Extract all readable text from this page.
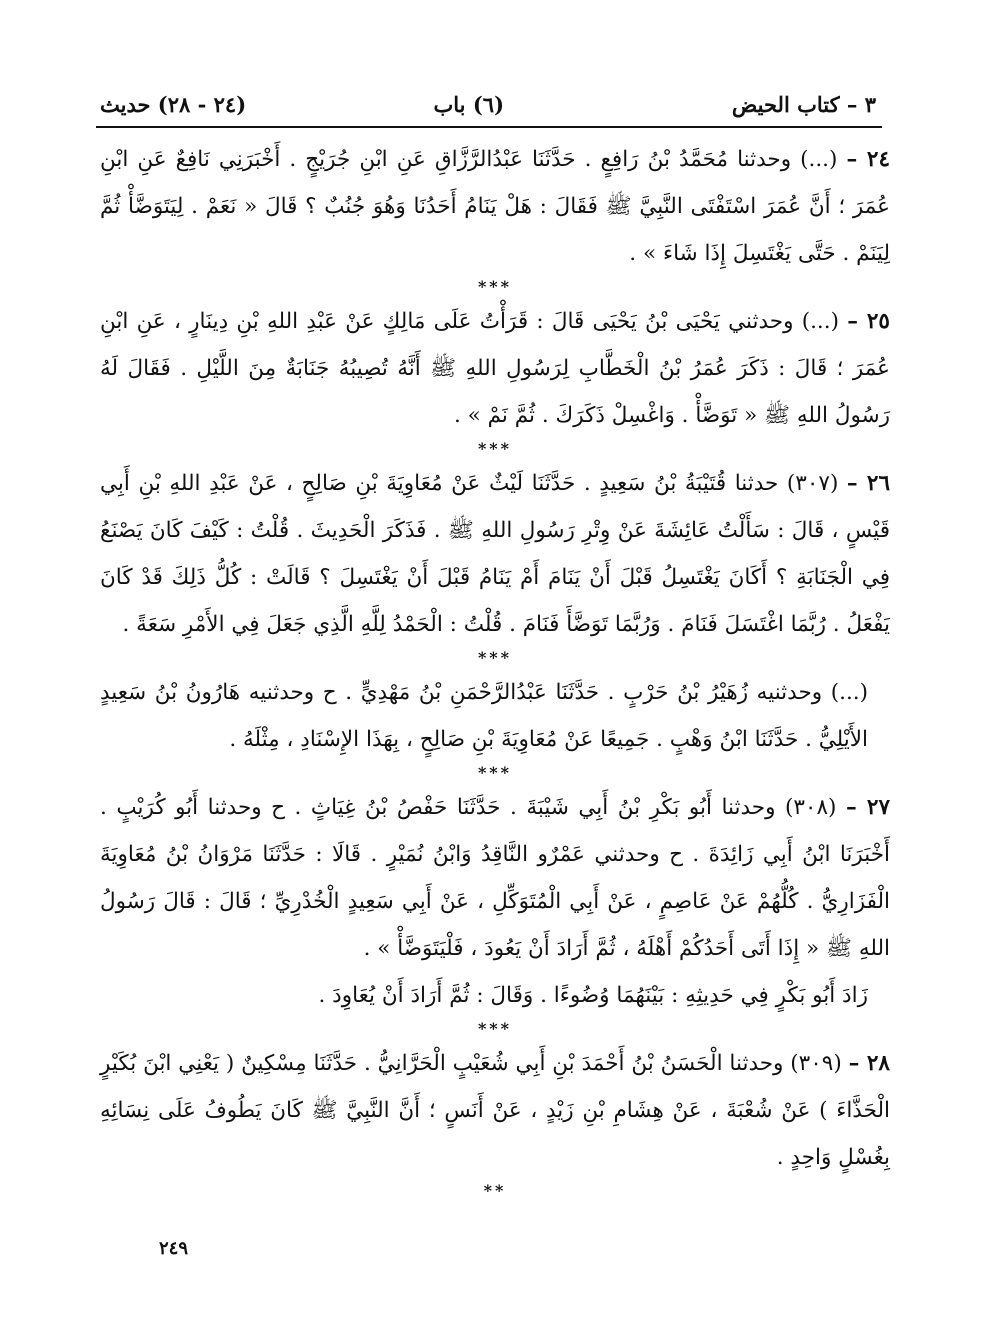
٣ – كتاب الحيض
(٦) باب
(٢٤ - ٢٨) حديث

٢٤ – (...) وحدثنا مُحَمَّدُ بْنُ رَافِعٍ . حَدَّثَنَا عَبْدُالرَّزَّاقِ عَنِ ابْنِ جُرَيْجٍ . أَخْبَرَنِي نَافِعٌ عَنِ ابْنِ عُمَرَ ؛ أَنَّ عُمَرَ اسْتَفْتَى النَّبِيَّ ﷺ فَقَالَ : هَلْ يَنَامُ أَحَدُنَا وَهُوَ جُنُبٌ ؟ قَالَ « نَعَمْ . لِيَتَوَضَّأْ ثُمَّ لِيَنَمْ . حَتَّى يَغْتَسِلَ إِذَا شَاءَ » .

***

٢٥ – (...) وحدثني يَحْيَى بْنُ يَحْيَى قَالَ : قَرَأْتُ عَلَى مَالِكٍ عَنْ عَبْدِ اللهِ بْنِ دِينَارٍ ، عَنِ ابْنِ عُمَرَ ؛ قَالَ : ذَكَرَ عُمَرُ بْنُ الْخَطَّابِ لِرَسُولِ اللهِ ﷺ أَنَّهُ تُصِيبُهُ جَنَابَةٌ مِنَ اللَّيْلِ . فَقَالَ لَهُ رَسُولُ اللهِ ﷺ « تَوَضَّأْ . وَاغْسِلْ ذَكَرَكَ . ثُمَّ نَمْ » .

***

٢٦ – (٣٠٧) حدثنا قُتَيْبَةُ بْنُ سَعِيدٍ . حَدَّثَنَا لَيْثٌ عَنْ مُعَاوِيَةَ بْنِ صَالِحٍ ، عَنْ عَبْدِ اللهِ بْنِ أَبِي قَيْسٍ ، قَالَ : سَأَلْتُ عَائِشَةَ عَنْ وِتْرِ رَسُولِ اللهِ ﷺ . فَذَكَرَ الْحَدِيثَ . قُلْتُ : كَيْفَ كَانَ يَصْنَعُ فِي الْجَنَابَةِ ؟ أَكَانَ يَغْتَسِلُ قَبْلَ أَنْ يَنَامَ أَمْ يَنَامُ قَبْلَ أَنْ يَغْتَسِلَ ؟ قَالَتْ : كُلُّ ذَلِكَ قَدْ كَانَ يَفْعَلُ . رُبَّمَا اغْتَسَلَ فَنَامَ . وَرُبَّمَا تَوَضَّأَ فَنَامَ . قُلْتُ : الْحَمْدُ لِلَّهِ الَّذِي جَعَلَ فِي الأَمْرِ سَعَةً .

***

(...) وحدثنيه زُهَيْرُ بْنُ حَرْبٍ . حَدَّثَنَا عَبْدُالرَّحْمَنِ بْنُ مَهْدِيٍّ . ح وحدثنيه هَارُونُ بْنُ سَعِيدٍ الأَيْلِيُّ . حَدَّثَنَا ابْنُ وَهْبٍ . جَمِيعًا عَنْ مُعَاوِيَةَ بْنِ صَالِحٍ ، بِهَذَا الإِسْنَادِ ، مِثْلَهُ .

***

٢٧ – (٣٠٨) وحدثنا أَبُو بَكْرِ بْنُ أَبِي شَيْبَةَ . حَدَّثَنَا حَفْصُ بْنُ غِيَاثٍ . ح وحدثنا أَبُو كُرَيْبٍ . أَخْبَرَنَا ابْنُ أَبِي زَائِدَةَ . ح وحدثني عَمْرٌو النَّاقِدُ وَابْنُ نُمَيْرٍ . قَالَا : حَدَّثَنَا مَرْوَانُ بْنُ مُعَاوِيَةَ الْفَزَارِيُّ . كُلُّهُمْ عَنْ عَاصِمٍ ، عَنْ أَبِي الْمُتَوَكِّلِ ، عَنْ أَبِي سَعِيدٍ الْخُدْرِيِّ ؛ قَالَ : قَالَ رَسُولُ اللهِ ﷺ « إِذَا أَتَى أَحَدُكُمْ أَهْلَهُ ، ثُمَّ أَرَادَ أَنْ يَعُودَ ، فَلْيَتَوَضَّأْ » .

زَادَ أَبُو بَكْرٍ فِي حَدِيثِهِ : بَيْنَهُمَا وُضُوءًا . وَقَالَ : ثُمَّ أَرَادَ أَنْ يُعَاوِدَ .

***

٢٨ – (٣٠٩) وحدثنا الْحَسَنُ بْنُ أَحْمَدَ بْنِ أَبِي شُعَيْبٍ الْحَرَّانِيُّ . حَدَّثَنَا مِسْكِينٌ ( يَعْنِي ابْنَ بُكَيْرٍ الْحَذَّاءَ ) عَنْ شُعْبَةَ ، عَنْ هِشَامِ بْنِ زَيْدٍ ، عَنْ أَنَسٍ ؛ أَنَّ النَّبِيَّ ﷺ كَانَ يَطُوفُ عَلَى نِسَائِهِ بِغُسْلٍ وَاحِدٍ .

**
٢٤٩
